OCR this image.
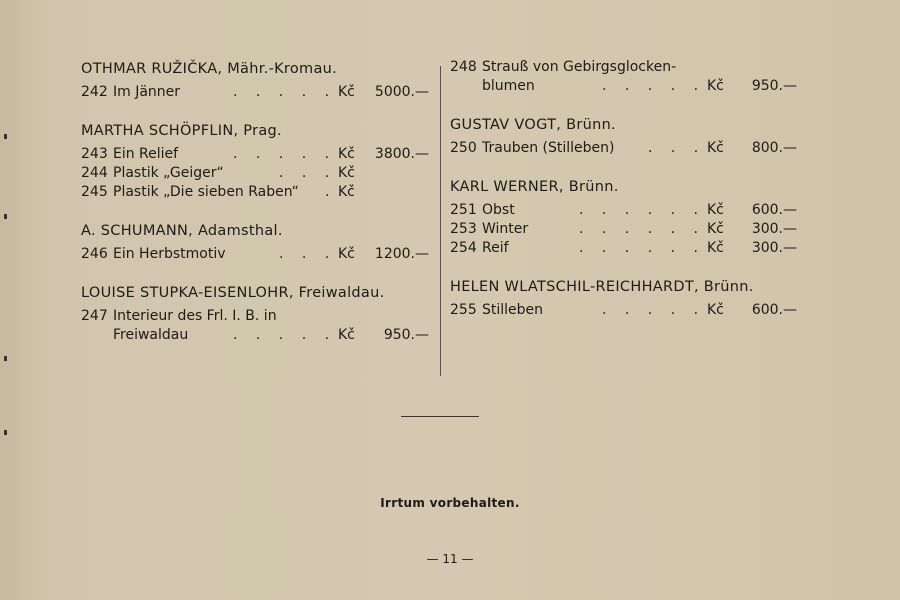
OTHMAR RUŽIČKA, Mähr.-Kromau.
242 Im Jänner	. . . . . Kč	5000.—
MARTHA SCHÖPFLIN, Prag.
243 Ein Relief	. . . . . Kč	3800.—
244 Plastik „Geiger“	. . . Kč
245 Plastik „Die sieben Raben“ . Kč
A. SCHUMANN, Adamsthal.
246 Ein Herbstmotiv	. . . Kč	1200.—
LOUISE STUPKA-EISENLOHR, Freiwaldau.
247 Interieur des Frl. I. B. in
Freiwaldau	. . . . . Kč	950.—
248 Strauß von Gebirgsglocken-
blumen	. . . . . Kč	950.—
GUSTAV VOGT, Brünn.
250 Trauben (Stilleben) . . . Kč	800.—
KARL WERNER, Brünn.
251 Obst	. . . . . . Kč	600.—
253 Winter	. . . . . . Kč	300.—
254 Reif	. . . . . . Kč	300.—
HELEN WLATSCHIL-REICHHARDT, Brünn.
255 Stilleben	. . . . . Kč	600.—
Irrtum vorbehalten.
— 11 —
